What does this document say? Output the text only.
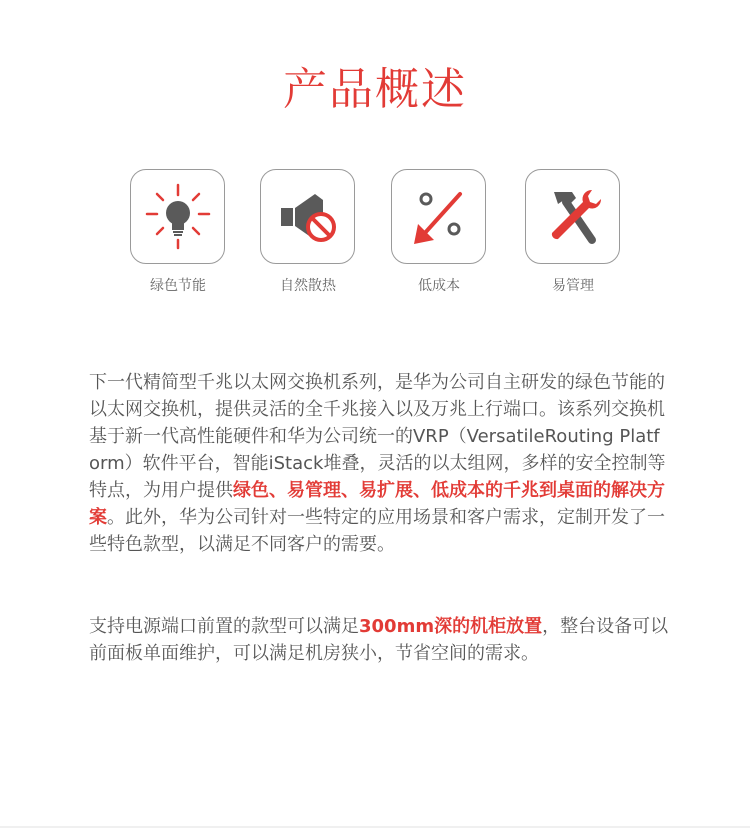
产品概述
绿色节能	自然散热	低成本	易管理

下一代精简型千兆以太网交换机系列，是华为公司自主研发的绿色节能的以太网交换机，提供灵活的全千兆接入以及万兆上行端口。该系列交换机基于新一代高性能硬件和华为公司统一的VRP（VersatileRouting Platform）软件平台，智能iStack堆叠，灵活的以太组网，多样的安全控制等特点，为用户提供绿色、易管理、易扩展、低成本的千兆到桌面的解决方案。此外，华为公司针对一些特定的应用场景和客户需求，定制开发了一些特色款型，以满足不同客户的需要。

支持电源端口前置的款型可以满足300mm深的机柜放置，整台设备可以前面板单面维护，可以满足机房狭小，节省空间的需求。
